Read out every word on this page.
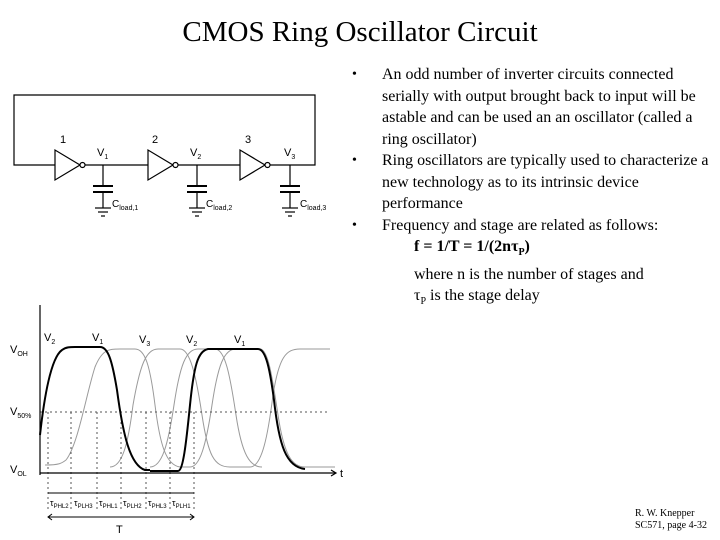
CMOS Ring Oscillator Circuit
1	2	3
$V_1$	$V_2$	$V_3$
$C_{load,1}$	$C_{load,2}$	$C_{load,3}$
$V_{OH}$
$V_{50\%}$
$V_{OL}$
$V_2$	$V_1$	$V_3$	$V_2$	$V_1$
t
$\tau_{PHL2}$ $\tau_{PLH3}$ $\tau_{PHL1}$ $\tau_{PLH2}$ $\tau_{PHL3}$ $\tau_{PLH1}$
T

• An odd number of inverter circuits connected serially with output brought back to input will be astable and can be used an an oscillator (called a ring oscillator)

• Ring oscillators are typically used to characterize a new technology as to its intrinsic device performance

• Frequency and stage are related as follows:

$f = 1/T = 1/(2n\tau_P)$
where n is the number of stages and
$\tau_P$ is the stage delay
R. W. Knepper
SC571, page 4-32
